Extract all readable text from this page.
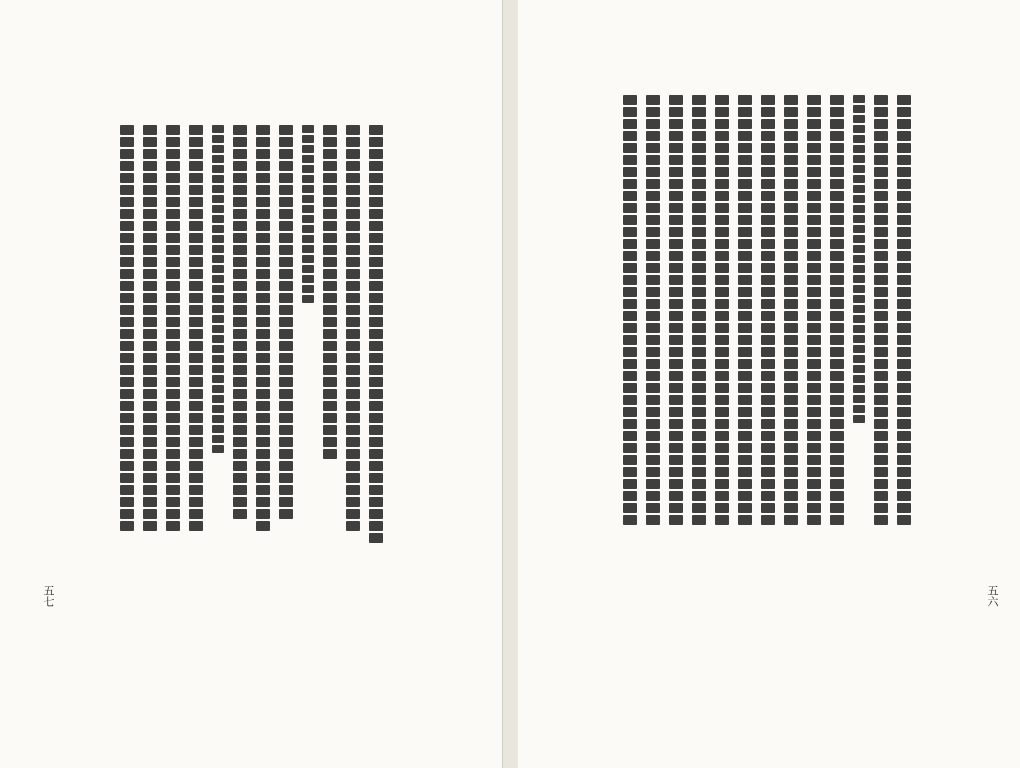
五七	五六
